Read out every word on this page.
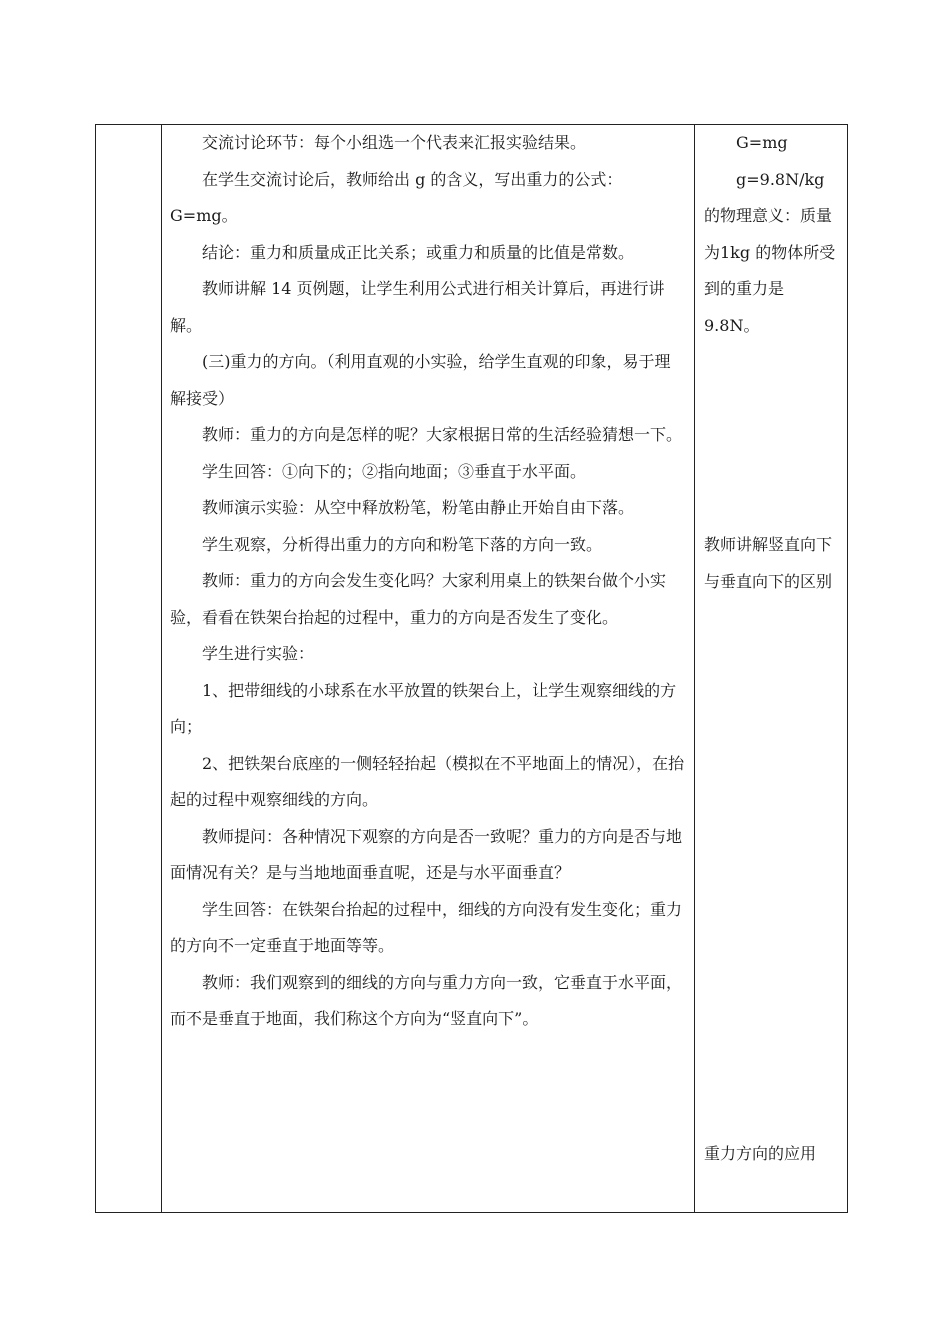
交流讨论环节：每个小组选一个代表来汇报实验结果。

在学生交流讨论后，教师给出 g 的含义，写出重力的公式：G=mg。

结论：重力和质量成正比关系；或重力和质量的比值是常数。

教师讲解 14 页例题，让学生利用公式进行相关计算后，再进行讲解。

(三)重力的方向。（利用直观的小实验，给学生直观的印象，易于理解接受）

教师：重力的方向是怎样的呢？大家根据日常的生活经验猜想一下。

学生回答：①向下的；②指向地面；③垂直于水平面。

教师演示实验：从空中释放粉笔，粉笔由静止开始自由下落。

学生观察，分析得出重力的方向和粉笔下落的方向一致。

教师：重力的方向会发生变化吗？大家利用桌上的铁架台做个小实验，看看在铁架台抬起的过程中，重力的方向是否发生了变化。

学生进行实验：

1、把带细线的小球系在水平放置的铁架台上，让学生观察细线的方向；

2、把铁架台底座的一侧轻轻抬起（模拟在不平地面上的情况），在抬起的过程中观察细线的方向。

教师提问：各种情况下观察的方向是否一致呢？重力的方向是否与地面情况有关？是与当地地面垂直呢，还是与水平面垂直？

学生回答：在铁架台抬起的过程中，细线的方向没有发生变化；重力的方向不一定垂直于地面等等。

教师：我们观察到的细线的方向与重力方向一致，它垂直于水平面，而不是垂直于地面，我们称这个方向为“竖直向下”。

G=mg

g=9.8N/kg 的物理意义：质量为1kg 的物体所受到的重力是 9.8N。

教师讲解竖直向下与垂直向下的区别

重力方向的应用
